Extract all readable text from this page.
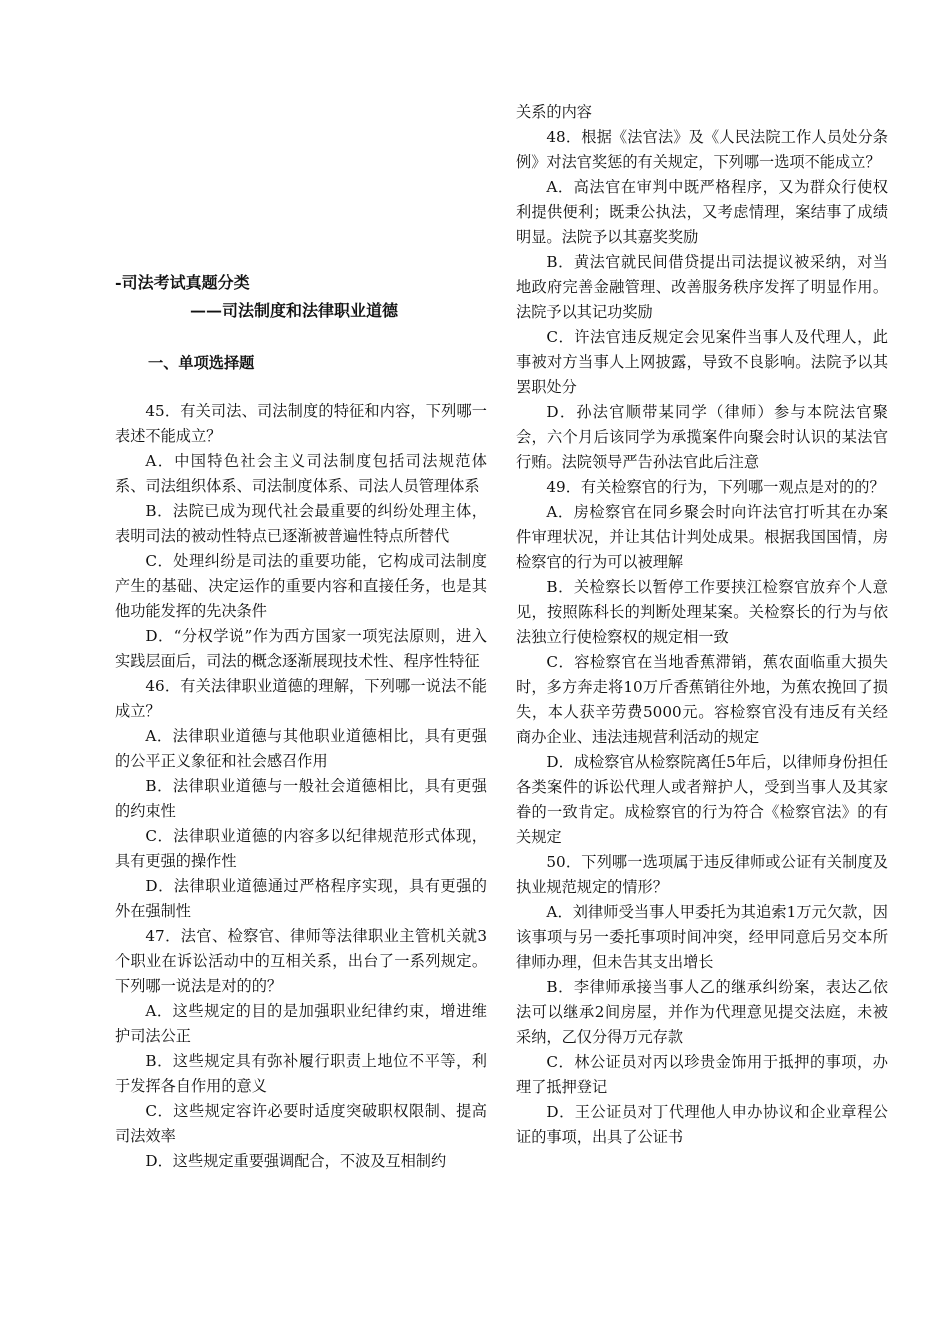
-司法考试真题分类
——司法制度和法律职业道德
一、单项选择题

45．有关司法、司法制度的特征和内容，下列哪一表述不能成立？

A．中国特色社会主义司法制度包括司法规范体系、司法组织体系、司法制度体系、司法人员管理体系

B．法院已成为现代社会最重要的纠纷处理主体，表明司法的被动性特点已逐渐被普遍性特点所替代

C．处理纠纷是司法的重要功能，它构成司法制度产生的基础、决定运作的重要内容和直接任务，也是其他功能发挥的先决条件

D．“分权学说”作为西方国家一项宪法原则，进入实践层面后，司法的概念逐渐展现技术性、程序性特征

46．有关法律职业道德的理解，下列哪一说法不能成立？

A．法律职业道德与其他职业道德相比，具有更强的公平正义象征和社会感召作用

B．法律职业道德与一般社会道德相比，具有更强的约束性

C．法律职业道德的内容多以纪律规范形式体现，具有更强的操作性

D．法律职业道德通过严格程序实现，具有更强的外在强制性

47．法官、检察官、律师等法律职业主管机关就3个职业在诉讼活动中的互相关系，出台了一系列规定。下列哪一说法是对的的？

A．这些规定的目的是加强职业纪律约束，增进维护司法公正

B．这些规定具有弥补履行职责上地位不平等，利于发挥各自作用的意义

C．这些规定容许必要时适度突破职权限制、提高司法效率

D．这些规定重要强调配合，不波及互相制约

关系的内容

48．根据《法官法》及《人民法院工作人员处分条例》对法官奖惩的有关规定，下列哪一选项不能成立？

A．高法官在审判中既严格程序，又为群众行使权利提供便利；既秉公执法，又考虑情理，案结事了成绩明显。法院予以其嘉奖奖励

B．黄法官就民间借贷提出司法提议被采纳，对当地政府完善金融管理、改善服务秩序发挥了明显作用。法院予以其记功奖励

C．许法官违反规定会见案件当事人及代理人，此事被对方当事人上网披露，导致不良影响。法院予以其罢职处分

D．孙法官顺带某同学（律师）参与本院法官聚会，六个月后该同学为承揽案件向聚会时认识的某法官行贿。法院领导严告孙法官此后注意

49．有关检察官的行为，下列哪一观点是对的的？

A．房检察官在同乡聚会时向许法官打听其在办案件审理状况，并让其估计判处成果。根据我国国情，房检察官的行为可以被理解

B．关检察长以暂停工作要挟江检察官放弃个人意见，按照陈科长的判断处理某案。关检察长的行为与依法独立行使检察权的规定相一致

C．容检察官在当地香蕉滞销，蕉农面临重大损失时，多方奔走将10万斤香蕉销往外地，为蕉农挽回了损失，本人获辛劳费5000元。容检察官没有违反有关经商办企业、违法违规营利活动的规定

D．成检察官从检察院离任5年后，以律师身份担任各类案件的诉讼代理人或者辩护人，受到当事人及其家眷的一致肯定。成检察官的行为符合《检察官法》的有关规定

50．下列哪一选项属于违反律师或公证有关制度及执业规范规定的情形？

A．刘律师受当事人甲委托为其追索1万元欠款，因该事项与另一委托事项时间冲突，经甲同意后另交本所律师办理，但未告其支出增长

B．李律师承接当事人乙的继承纠纷案，表达乙依法可以继承2间房屋，并作为代理意见提交法庭，未被采纳，乙仅分得万元存款

C．林公证员对丙以珍贵金饰用于抵押的事项，办理了抵押登记

D．王公证员对丁代理他人申办协议和企业章程公证的事项，出具了公证书
